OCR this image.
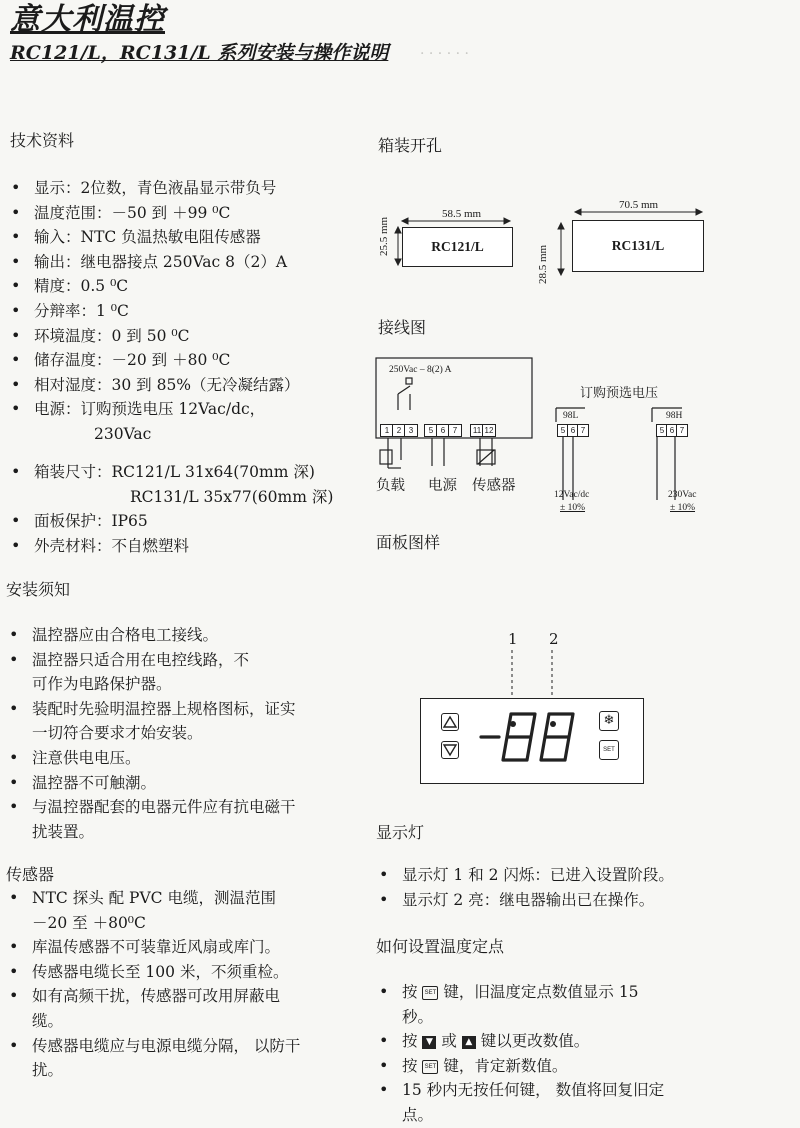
· · · · · ·
意大利温控
RC121/L，RC131/L 系列安装与操作说明
技术资料
• 显示：2位数，青色液晶显示带负号
• 温度范围：－50 到 ＋99 ⁰C
• 输入：NTC 负温热敏电阻传感器
• 输出：继电器接点 250Vac 8（2）A
• 精度：0.5 ⁰C
• 分辩率：1 ⁰C
• 环境温度：0 到 50 ⁰C
• 储存温度：－20 到 ＋80 ⁰C
• 相对湿度：30 到 85%（无冷凝结露）
• 电源：订购预选电压 12Vac/dc，
230Vac
• 箱装尺寸：RC121/L 31x64(70mm 深)
RC131/L 35x77(60mm 深)
• 面板保护：IP65
• 外壳材料：不自燃塑料
安装须知
• 温控器应由合格电工接线。
• 温控器只适合用在电控线路，不
可作为电路保护器。
• 装配时先验明温控器上规格图标，证实
一切符合要求才始安装。
• 注意供电电压。
• 温控器不可触潮。
• 与温控器配套的电器元件应有抗电磁干
扰装置。
传感器
• NTC 探头 配 PVC 电缆，测温范围
－20 至 ＋80⁰C
• 库温传感器不可装靠近风扇或库门。
• 传感器电缆长至 100 米，不须重检。
• 如有高频干扰，传感器可改用屏蔽电
缆。
• 传感器电缆应与电源电缆分隔， 以防干
扰。
箱装开孔
58.5 mm
25.5 mm	RC121/L
70.5 mm
28.5 mm	RC131/L
接线图
250Vac – 8(2) A
1 2 3	5 6 7	11 12
负载 电源 传感器
订购预选电压
98L	98H
5 6 7	5 6 7
12Vac/dc
± 10%
230Vac
± 10%
面板图样
1 2
❄
SET
显示灯
• 显示灯 1 和 2 闪烁：已进入设置阶段。
• 显示灯 2 亮：继电器输出已在操作。
如何设置温度定点
• 按 SET 键，旧温度定点数值显示 15
秒。
• 按 ▼ 或 ▲ 键以更改数值。
• 按 SET 键，肯定新数值。
• 15 秒内无按任何键， 数值将回复旧定
点。
